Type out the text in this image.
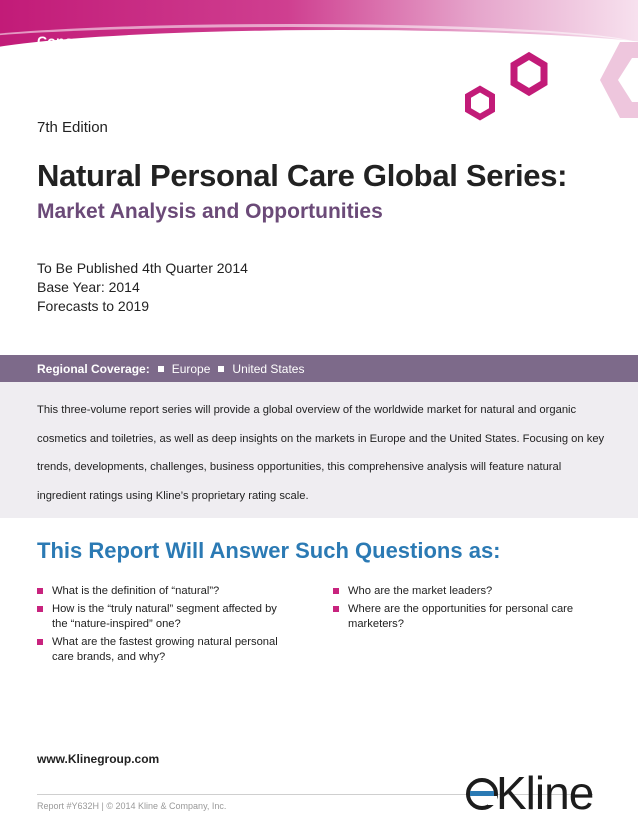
Consumer Products
7th Edition
Natural Personal Care Global Series:
Market Analysis and Opportunities
To Be Published 4th Quarter 2014
Base Year: 2014
Forecasts to 2019
Regional Coverage: Europe United States

This three-volume report series will provide a global overview of the worldwide market for natural and organic cosmetics and toiletries, as well as deep insights on the markets in Europe and the United States. Focusing on key trends, developments, challenges, business opportunities, this comprehensive analysis will feature natural ingredient ratings using Kline’s proprietary rating scale.

This Report Will Answer Such Questions as:
What is the definition of “natural”?
How is the “truly natural” segment affected by the “nature-inspired” one?
What are the fastest growing natural personal care brands, and why?
Who are the market leaders?
Where are the opportunities for personal care marketers?
www.Klinegroup.com
Report #Y632H | © 2014 Kline & Company, Inc.	Kline
